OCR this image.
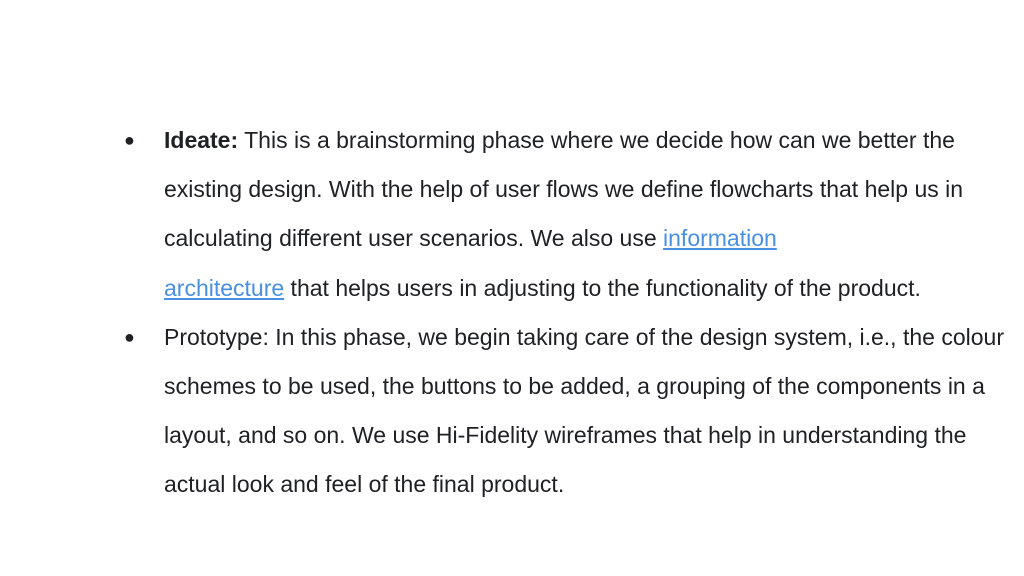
●	Ideate: This is a brainstorming phase where we decide how can we better the existing design. With the help of user flows we define flowcharts that help us in calculating different user scenarios. We also use information
architecture that helps users in adjusting to the functionality of the product.

●	Prototype: In this phase, we begin taking care of the design system, i.e., the colour schemes to be used, the buttons to be added, a grouping of the components in a layout, and so on. We use Hi-Fidelity wireframes that help in understanding the actual look and feel of the final product.
